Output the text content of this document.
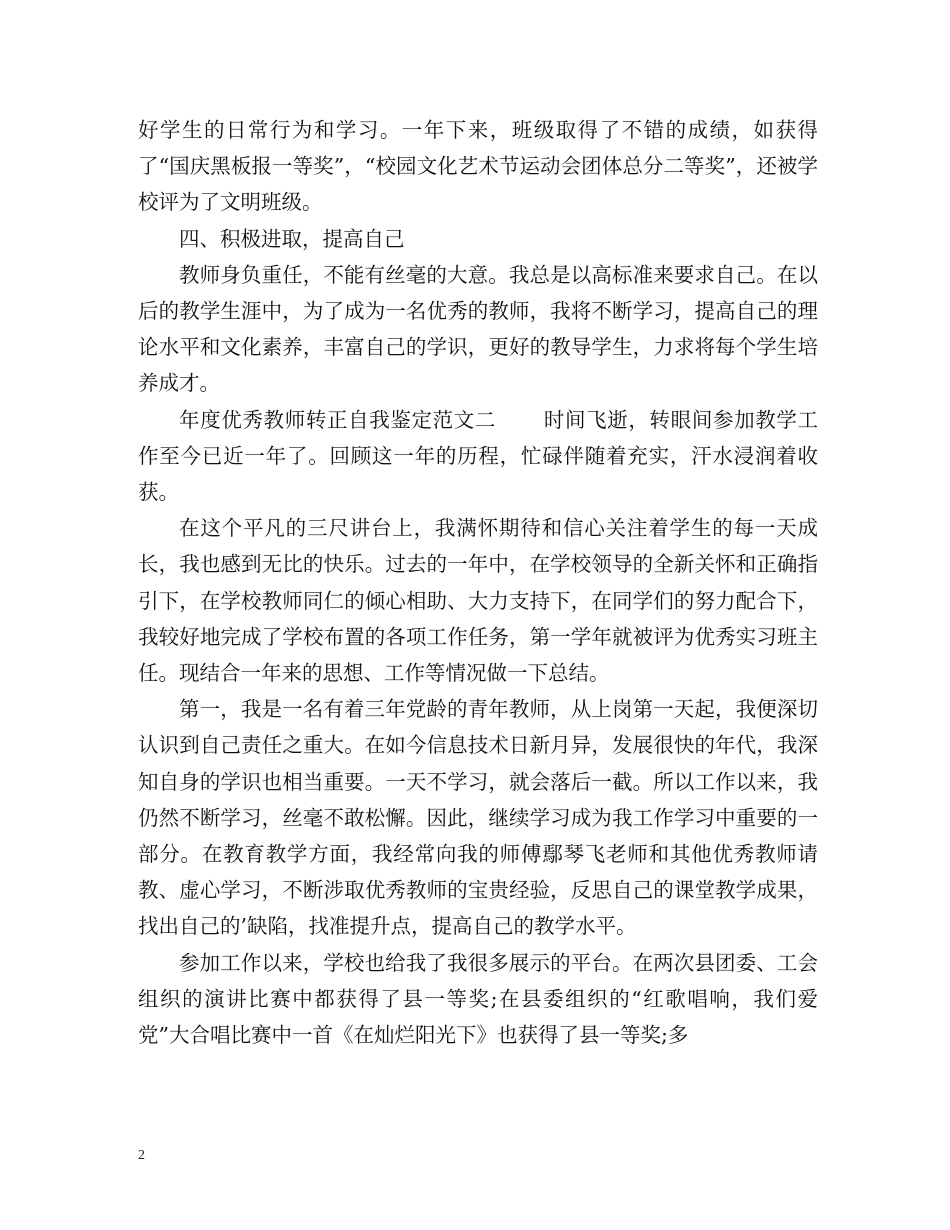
好学生的日常行为和学习。一年下来，班级取得了不错的成绩，如获得了“国庆黑板报一等奖”，“校园文化艺术节运动会团体总分二等奖”，还被学校评为了文明班级。

四、积极进取，提高自己

教师身负重任，不能有丝毫的大意。我总是以高标准来要求自己。在以后的教学生涯中，为了成为一名优秀的教师，我将不断学习，提高自己的理论水平和文化素养，丰富自己的学识，更好的教导学生，力求将每个学生培养成才。

年度优秀教师转正自我鉴定范文二 时间飞逝，转眼间参加教学工作至今已近一年了。回顾这一年的历程，忙碌伴随着充实，汗水浸润着收获。

在这个平凡的三尺讲台上，我满怀期待和信心关注着学生的每一天成长，我也感到无比的快乐。过去的一年中，在学校领导的全新关怀和正确指引下，在学校教师同仁的倾心相助、大力支持下，在同学们的努力配合下，我较好地完成了学校布置的各项工作任务，第一学年就被评为优秀实习班主任。现结合一年来的思想、工作等情况做一下总结。

第一，我是一名有着三年党龄的青年教师，从上岗第一天起，我便深切认识到自己责任之重大。在如今信息技术日新月异，发展很快的年代，我深知自身的学识也相当重要。一天不学习，就会落后一截。所以工作以来，我仍然不断学习，丝毫不敢松懈。因此，继续学习成为我工作学习中重要的一部分。在教育教学方面，我经常向我的师傅鄢琴飞老师和其他优秀教师请教、虚心学习，不断涉取优秀教师的宝贵经验，反思自己的课堂教学成果，找出自己的’缺陷，找准提升点，提高自己的教学水平。

参加工作以来，学校也给我了我很多展示的平台。在两次县团委、工会组织的演讲比赛中都获得了县一等奖;在县委组织的“红歌唱响，我们爱党”大合唱比赛中一首《在灿烂阳光下》也获得了县一等奖;多

2
